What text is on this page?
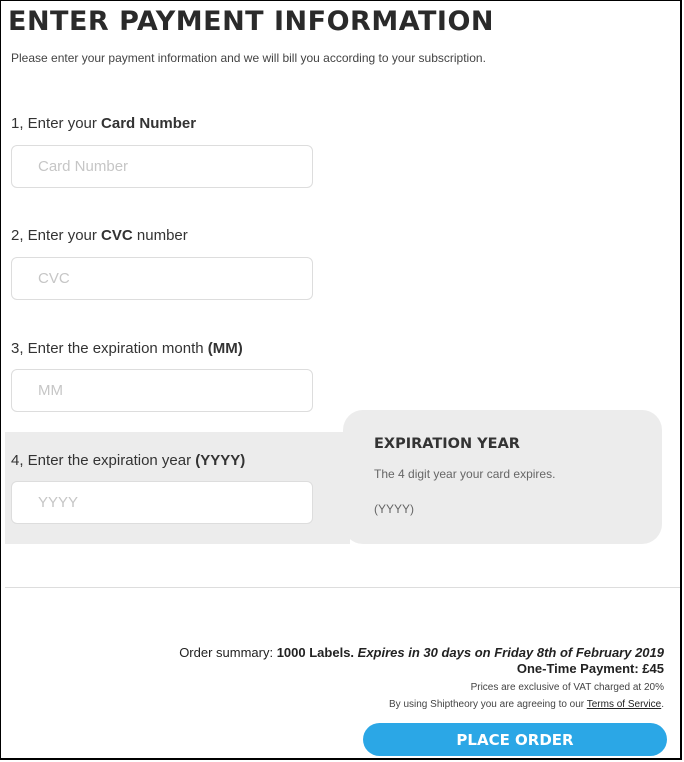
ENTER PAYMENT INFORMATION
Please enter your payment information and we will bill you according to your subscription.
1, Enter your Card Number
Card Number
2, Enter your CVC number
CVC
3, Enter the expiration month (MM)
MM
EXPIRATION YEAR
The 4 digit year your card expires.
(YYYY)
4, Enter the expiration year (YYYY)
YYYY
Order summary: 1000 Labels. Expires in 30 days on Friday 8th of February 2019
One-Time Payment: £45
Prices are exclusive of VAT charged at 20%
By using Shiptheory you are agreeing to our Terms of Service.
PLACE ORDER
